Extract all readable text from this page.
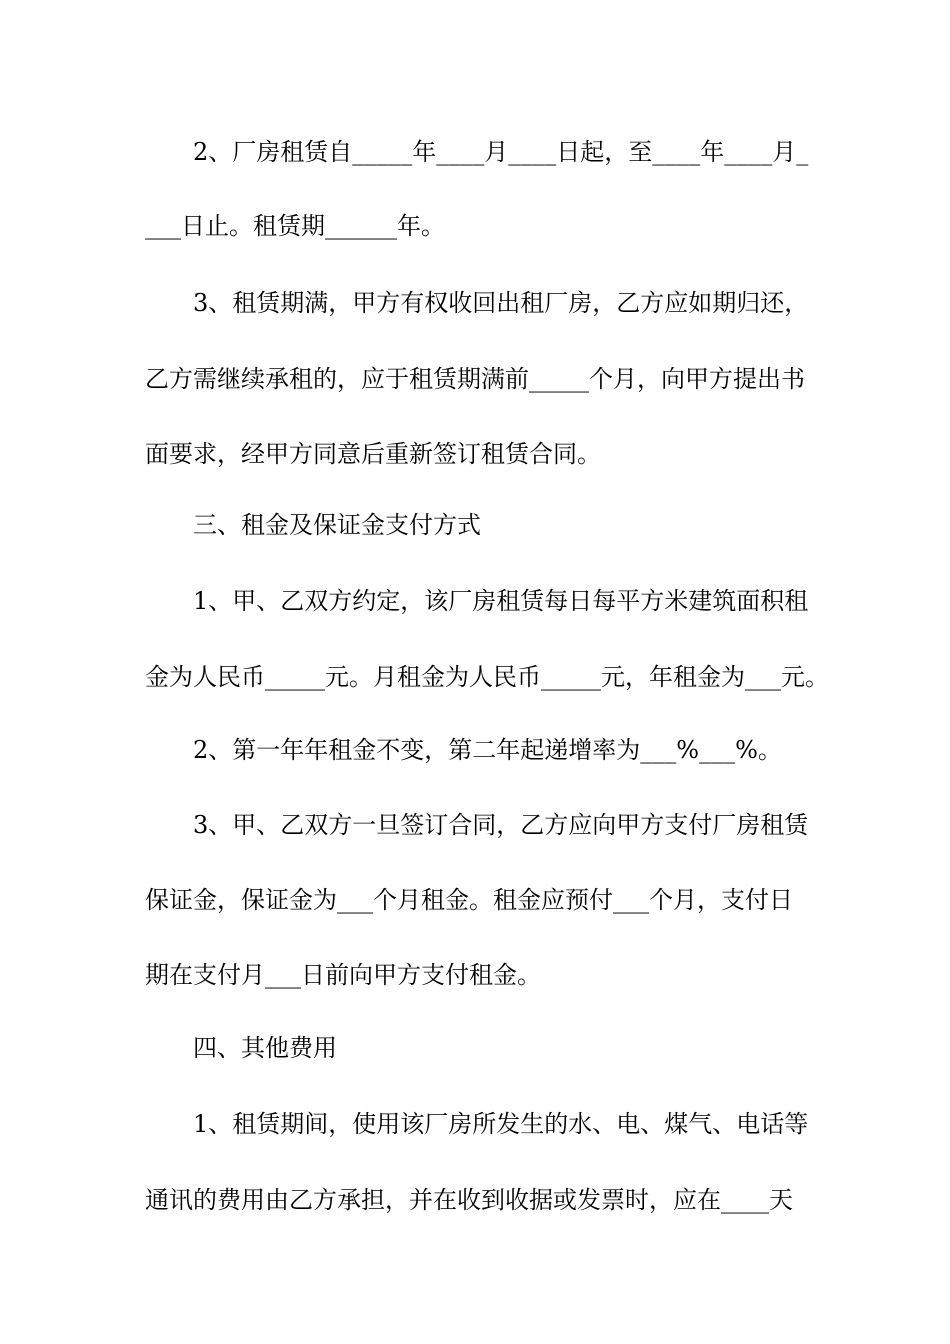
2、厂房租赁自_____年____月____日起，至____年____月_

___日止。租赁期______年。

3、租赁期满，甲方有权收回出租厂房，乙方应如期归还，

乙方需继续承租的，应于租赁期满前_____个月，向甲方提出书

面要求，经甲方同意后重新签订租赁合同。

三、租金及保证金支付方式

1、甲、乙双方约定，该厂房租赁每日每平方米建筑面积租

金为人民币_____元。月租金为人民币_____元，年租金为___元。

2、第一年年租金不变，第二年起递增率为___%___%。

3、甲、乙双方一旦签订合同，乙方应向甲方支付厂房租赁

保证金，保证金为___个月租金。租金应预付___个月，支付日

期在支付月___日前向甲方支付租金。

四、其他费用

1、租赁期间，使用该厂房所发生的水、电、煤气、电话等

通讯的费用由乙方承担，并在收到收据或发票时，应在____天
